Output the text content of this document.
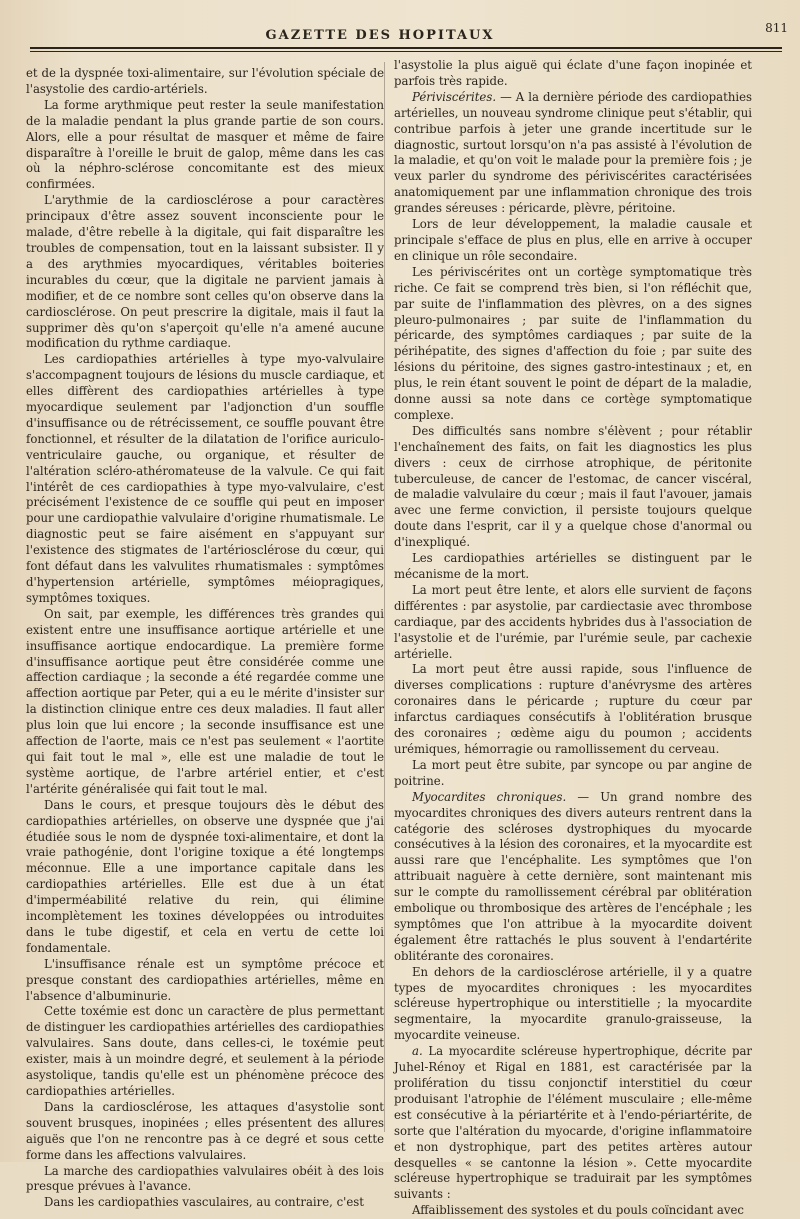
GAZETTE DES HOPITAUX	811

et de la dyspnée toxi-alimentaire, sur l'évolution spéciale de l'asystolie des cardio-artériels.

La forme arythmique peut rester la seule manifestation de la maladie pendant la plus grande partie de son cours. Alors, elle a pour résultat de masquer et même de faire disparaître à l'oreille le bruit de galop, même dans les cas où la néphro-sclérose concomitante est des mieux confirmées.

L'arythmie de la cardiosclérose a pour caractères principaux d'être assez souvent inconsciente pour le malade, d'être rebelle à la digitale, qui fait disparaître les troubles de compensation, tout en la laissant subsister. Il y a des arythmies myocardiques, véritables boiteries incurables du cœur, que la digitale ne parvient jamais à modifier, et de ce nombre sont celles qu'on observe dans la cardiosclérose. On peut prescrire la digitale, mais il faut la supprimer dès qu'on s'aperçoit qu'elle n'a amené aucune modification du rythme cardiaque.

Les cardiopathies artérielles à type myo-valvulaire s'accompagnent toujours de lésions du muscle cardiaque, et elles diffèrent des cardiopathies artérielles à type myocardique seulement par l'adjonction d'un souffle d'insuffisance ou de rétrécissement, ce souffle pouvant être fonctionnel, et résulter de la dilatation de l'orifice auriculo-ventriculaire gauche, ou organique, et résulter de l'altération scléro-athéromateuse de la valvule. Ce qui fait l'intérêt de ces cardiopathies à type myo-valvulaire, c'est précisément l'existence de ce souffle qui peut en imposer pour une cardiopathie valvulaire d'origine rhumatismale. Le diagnostic peut se faire aisément en s'appuyant sur l'existence des stigmates de l'artériosclérose du cœur, qui font défaut dans les valvulites rhumatismales : symptômes d'hypertension artérielle, symptômes méiopragiques, symptômes toxiques.

On sait, par exemple, les différences très grandes qui existent entre une insuffisance aortique artérielle et une insuffisance aortique endocardique. La première forme d'insuffisance aortique peut être considérée comme une affection cardiaque ; la seconde a été regardée comme une affection aortique par Peter, qui a eu le mérite d'insister sur la distinction clinique entre ces deux maladies. Il faut aller plus loin que lui encore ; la seconde insuffisance est une affection de l'aorte, mais ce n'est pas seulement « l'aortite qui fait tout le mal », elle est une maladie de tout le système aortique, de l'arbre artériel entier, et c'est l'artérite généralisée qui fait tout le mal.

Dans le cours, et presque toujours dès le début des cardiopathies artérielles, on observe une dyspnée que j'ai étudiée sous le nom de dyspnée toxi-alimentaire, et dont la vraie pathogénie, dont l'origine toxique a été longtemps méconnue. Elle a une importance capitale dans les cardiopathies artérielles. Elle est due à un état d'imperméabilité relative du rein, qui élimine incomplètement les toxines développées ou introduites dans le tube digestif, et cela en vertu de cette loi fondamentale.

L'insuffisance rénale est un symptôme précoce et presque constant des cardiopathies artérielles, même en l'absence d'albuminurie.

Cette toxémie est donc un caractère de plus permettant de distinguer les cardiopathies artérielles des cardiopathies valvulaires. Sans doute, dans celles-ci, le toxémie peut exister, mais à un moindre degré, et seulement à la période asystolique, tandis qu'elle est un phénomène précoce des cardiopathies artérielles.

Dans la cardiosclérose, les attaques d'asystolie sont souvent brusques, inopinées ; elles présentent des allures aiguës que l'on ne rencontre pas à ce degré et sous cette forme dans les affections valvulaires.

La marche des cardiopathies valvulaires obéit à des lois presque prévues à l'avance.

Dans les cardiopathies vasculaires, au contraire, c'est

l'asystolie la plus aiguë qui éclate d'une façon inopinée et parfois très rapide.

Périviscérites. — A la dernière période des cardiopathies artérielles, un nouveau syndrome clinique peut s'établir, qui contribue parfois à jeter une grande incertitude sur le diagnostic, surtout lorsqu'on n'a pas assisté à l'évolution de la maladie, et qu'on voit le malade pour la première fois ; je veux parler du syndrome des périviscérites caractérisées anatomiquement par une inflammation chronique des trois grandes séreuses : péricarde, plèvre, péritoine.

Lors de leur développement, la maladie causale et principale s'efface de plus en plus, elle en arrive à occuper en clinique un rôle secondaire.

Les périviscérites ont un cortège symptomatique très riche. Ce fait se comprend très bien, si l'on réfléchit que, par suite de l'inflammation des plèvres, on a des signes pleuro-pulmonaires ; par suite de l'inflammation du péricarde, des symptômes cardiaques ; par suite de la périhépatite, des signes d'affection du foie ; par suite des lésions du péritoine, des signes gastro-intestinaux ; et, en plus, le rein étant souvent le point de départ de la maladie, donne aussi sa note dans ce cortège symptomatique complexe.

Des difficultés sans nombre s'élèvent ; pour rétablir l'enchaînement des faits, on fait les diagnostics les plus divers : ceux de cirrhose atrophique, de péritonite tuberculeuse, de cancer de l'estomac, de cancer viscéral, de maladie valvulaire du cœur ; mais il faut l'avouer, jamais avec une ferme conviction, il persiste toujours quelque doute dans l'esprit, car il y a quelque chose d'anormal ou d'inexpliqué.

Les cardiopathies artérielles se distinguent par le mécanisme de la mort.

La mort peut être lente, et alors elle survient de façons différentes : par asystolie, par cardiectasie avec thrombose cardiaque, par des accidents hybrides dus à l'association de l'asystolie et de l'urémie, par l'urémie seule, par cachexie artérielle.

La mort peut être aussi rapide, sous l'influence de diverses complications : rupture d'anévrysme des artères coronaires dans le péricarde ; rupture du cœur par infarctus cardiaques consécutifs à l'oblitération brusque des coronaires ; œdème aigu du poumon ; accidents urémiques, hémorragie ou ramollissement du cerveau.

La mort peut être subite, par syncope ou par angine de poitrine.

Myocardites chroniques. — Un grand nombre des myocardites chroniques des divers auteurs rentrent dans la catégorie des scléroses dystrophiques du myocarde consécutives à la lésion des coronaires, et la myocardite est aussi rare que l'encéphalite. Les symptômes que l'on attribuait naguère à cette dernière, sont maintenant mis sur le compte du ramollissement cérébral par oblitération embolique ou thrombosique des artères de l'encéphale ; les symptômes que l'on attribue à la myocardite doivent également être rattachés le plus souvent à l'endartérite oblitérante des coronaires.

En dehors de la cardiosclérose artérielle, il y a quatre types de myocardites chroniques : les myocardites scléreuse hypertrophique ou interstitielle ; la myocardite segmentaire, la myocardite granulo-graisseuse, la myocardite veineuse.

a. La myocardite scléreuse hypertrophique, décrite par Juhel-Rénoy et Rigal en 1881, est caractérisée par la prolifération du tissu conjonctif interstitiel du cœur produisant l'atrophie de l'élément musculaire ; elle-même est consécutive à la périartérite et à l'endo-périartérite, de sorte que l'altération du myocarde, d'origine inflammatoire et non dystrophique, part des petites artères autour desquelles « se cantonne la lésion ». Cette myocardite scléreuse hypertrophique se traduirait par les symptômes suivants :

Affaiblissement des systoles et du pouls coïncidant avec
